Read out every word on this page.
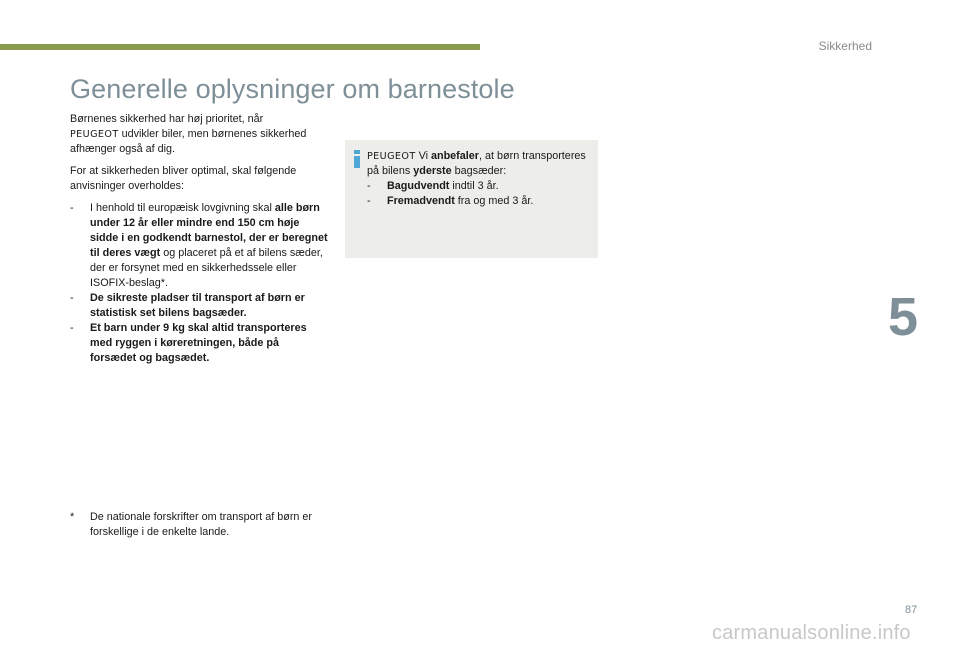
Sikkerhed
Generelle oplysninger om barnestole

Børnenes sikkerhed har høj prioritet, når
PEUGEOT udvikler biler, men børnenes sikkerhed afhænger også af dig.

For at sikkerheden bliver optimal, skal følgende anvisninger overholdes:

- I henhold til europæisk lovgivning skal alle børn under 12 år eller mindre end 150 cm høje sidde i en godkendt barnestol, der er beregnet til deres vægt og placeret på et af bilens sæder, der er forsynet med en sikkerhedssele eller ISOFIX-beslag*.
- De sikreste pladser til transport af børn er statistisk set bilens bagsæder.
- Et barn under 9 kg skal altid transporteres med ryggen i køreretningen, både på forsædet og bagsædet.
*	De nationale forskrifter om transport af børn er forskellige i de enkelte lande.
PEUGEOT Vi anbefaler, at børn transporteres på bilens yderste bagsæder:
- Bagudvendt indtil 3 år.
- Fremadvendt fra og med 3 år.
5
87
carmanualsonline.info
